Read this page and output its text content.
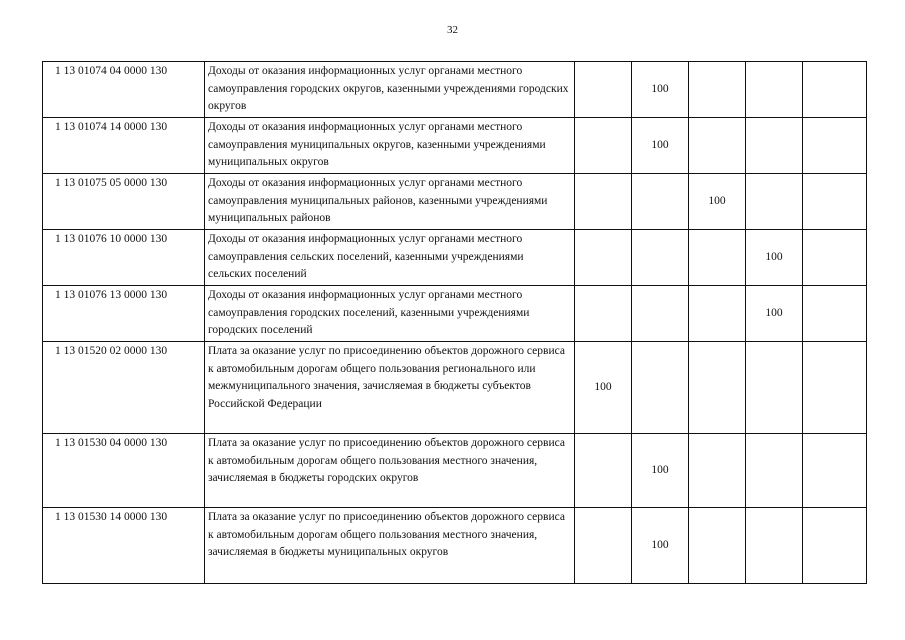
32
1 13 01074 04 0000 130	Доходы от оказания информационных услуг органами местного самоуправления городских округов, казенными учреждениями городских округов		100			
1 13 01074 14 0000 130	Доходы от оказания информационных услуг органами местного самоуправления муниципальных округов, казенными учреждениями муниципальных округов		100			
1 13 01075 05 0000 130	Доходы от оказания информационных услуг органами местного самоуправления муниципальных районов, казенными учреждениями муниципальных районов			100		
1 13 01076 10 0000 130	Доходы от оказания информационных услуг органами местного самоуправления сельских поселений, казенными учреждениями сельских поселений				100	
1 13 01076 13 0000 130	Доходы от оказания информационных услуг органами местного самоуправления городских поселений, казенными учреждениями городских поселений				100	
1 13 01520 02 0000 130	Плата за оказание услуг по присоединению объектов дорожного сервиса к автомобильным дорогам общего пользования регионального или межмуниципального значения, зачисляемая в бюджеты субъектов Российской Федерации	100				
1 13 01530 04 0000 130	Плата за оказание услуг по присоединению объектов дорожного сервиса к автомобильным дорогам общего пользования местного значения, зачисляемая в бюджеты городских округов		100			
1 13 01530 14 0000 130	Плата за оказание услуг по присоединению объектов дорожного сервиса к автомобильным дорогам общего пользования местного значения, зачисляемая в бюджеты муниципальных округов		100			
